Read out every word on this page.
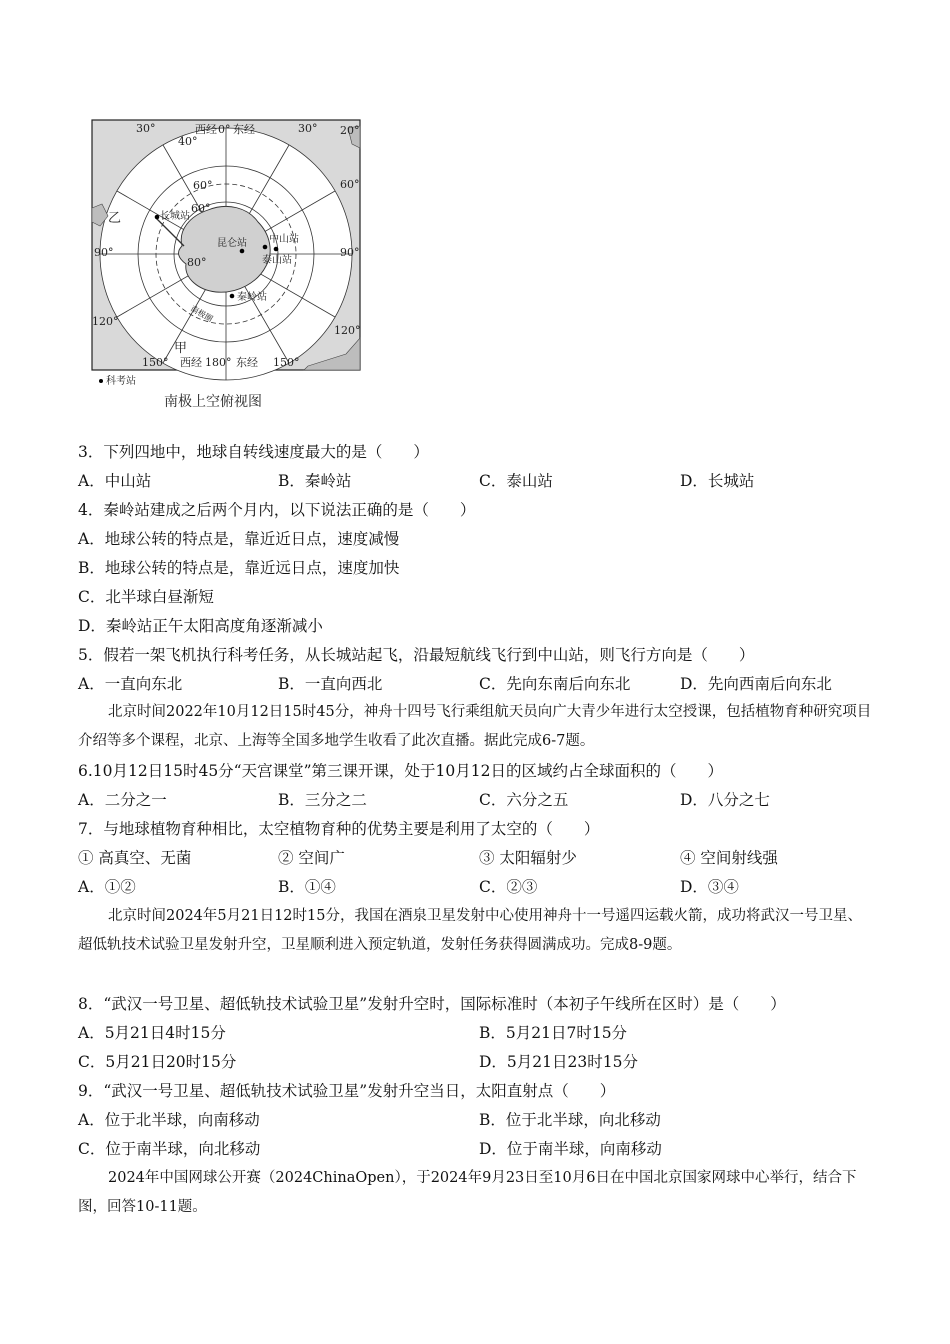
西经 0° 东经
西经 180° 东经
30°	30°
60°	60°
90°	90°
120°
120°
150°	150°
20°
40°
60°
80°
乙
甲
南极圈
长城站
昆仑站 中山站
泰山站
秦岭站
科考站
南极上空俯视图
3．下列四地中，地球自转线速度最大的是（　　）
A．中山站	B．秦岭站	C．泰山站	D．长城站
4．秦岭站建成之后两个月内，以下说法正确的是（　　）
A．地球公转的特点是，靠近近日点，速度减慢
B．地球公转的特点是，靠近远日点，速度加快
C．北半球白昼渐短
D．秦岭站正午太阳高度角逐渐减小
5．假若一架飞机执行科考任务，从长城站起飞，沿最短航线飞行到中山站，则飞行方向是（　　）
A．一直向东北	B．一直向西北	C．先向东南后向东北	D．先向西南后向东北
北京时间2022年10月12日15时45分，神舟十四号飞行乘组航天员向广大青少年进行太空授课，包括植物育种研究项目介绍等多个课程，北京、上海等全国多地学生收看了此次直播。据此完成6-7题。
6.10月12日15时45分“天宫课堂”第三课开课，处于10月12日的区域约占全球面积的（　　）
A．二分之一	B．三分之二	C．六分之五	D．八分之七
7．与地球植物育种相比，太空植物育种的优势主要是利用了太空的（　　）
① 高真空、无菌	② 空间广	③ 太阳辐射少	④ 空间射线强
A．①②	B．①④	C．②③	D．③④
北京时间2024年5月21日12时15分，我国在酒泉卫星发射中心使用神舟十一号遥四运载火箭，成功将武汉一号卫星、超低轨技术试验卫星发射升空，卫星顺利进入预定轨道，发射任务获得圆满成功。完成8-9题。
8．“武汉一号卫星、超低轨技术试验卫星”发射升空时，国际标准时（本初子午线所在区时）是（　　）
A．5月21日4时15分	B．5月21日7时15分
C．5月21日20时15分	D．5月21日23时15分
9．“武汉一号卫星、超低轨技术试验卫星”发射升空当日，太阳直射点（　　）
A．位于北半球，向南移动	B．位于北半球，向北移动
C．位于南半球，向北移动	D．位于南半球，向南移动
2024年中国网球公开赛（2024ChinaOpen），于2024年9月23日至10月6日在中国北京国家网球中心举行，结合下图，回答10-11题。
